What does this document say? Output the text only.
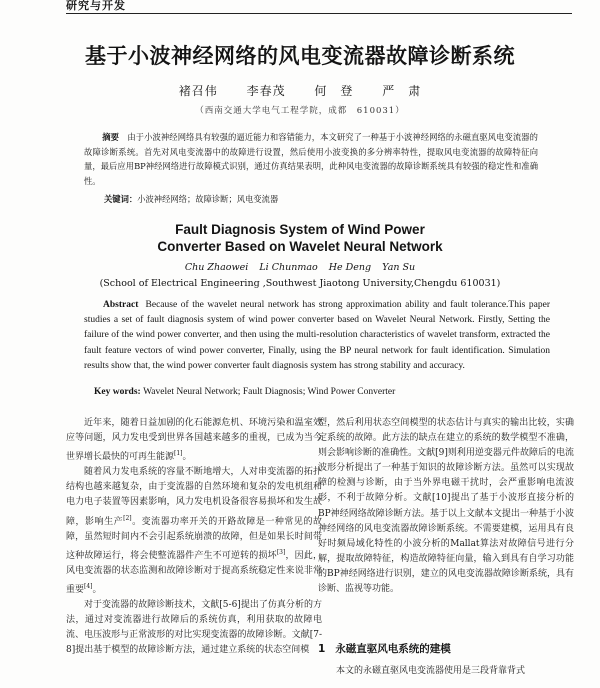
研究与开发
基于小波神经网络的风电变流器故障诊断系统
褚召伟 李春茂 何　登 严　肃
（西南交通大学电气工程学院，成都　610031）
摘要　 由于小波神经网络具有较强的逼近能力和容错能力，本文研究了一种基于小波神经网络的永磁直驱风电变流器的故障诊断系统。首先对风电变流器中的故障进行设置，然后使用小波变换的多分辨率特性，提取风电变流器的故障特征向量，最后应用BP神经网络进行故障模式识别，通过仿真结果表明，此种风电变流器的故障诊断系统具有较强的稳定性和准确性。
关键词：小波神经网络；故障诊断；风电变流器
Fault Diagnosis System of Wind Power
Converter Based on Wavelet Neural Network
Chu Zhaowei Li Chunmao He Deng Yan Su
(School of Electrical Engineering ,Southwest Jiaotong University,Chengdu 610031)
Abstract Because of the wavelet neural network has strong approximation ability and fault tolerance.This paper studies a set of fault diagnosis system of wind power converter based on Wavelet Neural Network. Firstly, Setting the failure of the wind power converter, and then using the multi-resolution characteristics of wavelet transform, extracted the fault feature vectors of wind power converter, Finally, using the BP neural network for fault identification. Simulation results show that, the wind power converter fault diagnosis system has strong stability and accuracy.
Key words: Wavelet Neural Network; Fault Diagnosis; Wind Power Converter

近年来，随着日益加剧的化石能源危机、环境污染和温室效应等问题，风力发电受到世界各国越来越多的重视，已成为当今世界增长最快的可再生能源[1]。

随着风力发电系统的容量不断地增大，人对串变流器的拓扑结构也越来越复杂，由于变流器的自然环境和复杂的发电机组和电力电子装置等因素影响，风力发电机设备很容易损坏和发生故障，影响生产[2]。变流器功率开关的开路故障是一种常见的故障，虽然短时间内不会引起系统崩溃的故障，但是如果长时间带这种故障运行，将会使整流器件产生不可逆转的损坏[3]，因此，风电变流器的状态监测和故障诊断对于提高系统稳定性来说非常重要[4]。

对于变流器的故障诊断技术，文献[5-6]提出了仿真分析的方法，通过对变流器进行故障后的系统仿真，利用获取的故障电流、电压波形与正常波形的对比实现变流器的故障诊断。文献[7-8]提出基于模型的故障诊断方法，通过建立系统的状态空间模

型，然后利用状态空间模型的状态估计与真实的输出比较，实确定系统的故障。此方法的缺点在建立的系统的数学模型不准确，则会影响诊断的准确性。文献[9]则利用逆变器元件故障后的电流波形分析提出了一种基于知识的故障诊断方法。虽然可以实现故障的检测与诊断，由于当外界电磁干扰时，会严重影响电流波形，不利于故障分析。文献[10]提出了基于小波形直接分析的BP神经网络故障诊断方法。基于以上文献本文提出一种基于小波神经网络的风电变流器故障诊断系统。不需要建模，运用具有良好时频局域化特性的小波分析的Mallat算法对故障信号进行分解，提取故障特征，构造故障特征向量，输入到具有自学习功能的BP神经网络进行识别，建立的风电变流器故障诊断系统，具有诊断、监视等功能。

1 永磁直驱风电系统的建模
本文的永磁直驱风电变流器使用是三段背靠背式
